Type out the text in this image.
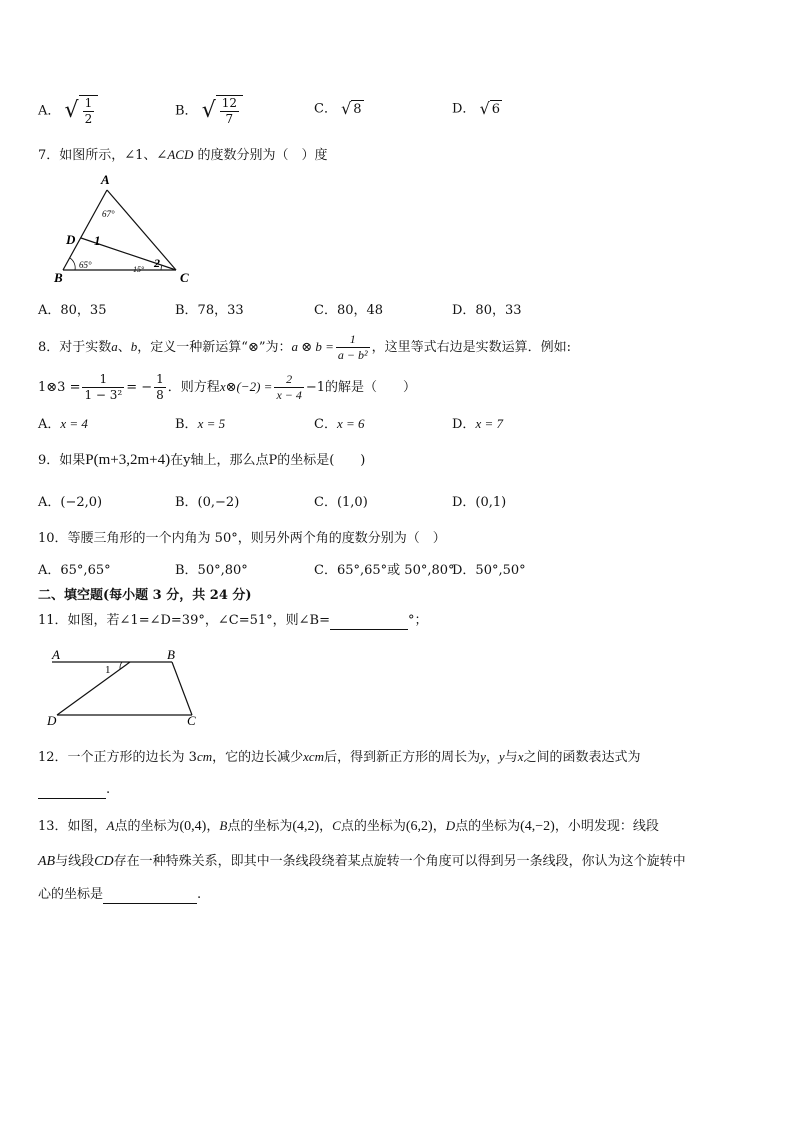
A． √ $\frac{1}{2}$	B． √ $\frac{12}{7}$	C． √ 8	D． √ 6
7．如图所示，∠1、∠ACD 的度数分别为（　）度
A
B	C
D 1
2
67°
65°	15°
A．80，35	B．78，33	C．80，48	D．80，33
8．对于实数a、b，定义一种新运算“⊗”为：a ⊗ $b = \frac{1}{\text{a − b²}}$ ，这里等式右边是实数运算．例如:
1⊗3 = $\frac{1}{\text{1 − 3²}}$ = − $\frac{1}{8}$ ．则方程x⊗(−2) = $\frac{2}{x - 4} -1$的解是（　　）
A．x = 4	B．x = 5	C．x = 6	D．x = 7
9．如果P(m+3,2m+4)在y轴上，那么点P的坐标是(　　)
A．(−2,0)	B．(0,−2)	C．(1,0)	D．(0,1)
10．等腰三角形的一个内角为 50°，则另外两个角的度数分别为（　）
A．65°,65°	B．50°,80°	C．65°,65°或 50°,80°
D．50°,50°
二、填空题(每小题 3 分，共 24 分)
11．如图，若∠1=∠D=39°，∠C=51°，则∠B=	°；
A	B
C
D
1
12．一个正方形的边长为 3cm，它的边长减少xcm后，得到新正方形的周长为y，y与x之间的函数表达式为
.
13．如图，A点的坐标为(0,4)，B点的坐标为(4,2)，C点的坐标为(6,2)，D点的坐标为(4,−2)，小明发现：线段
AB与线段CD存在一种特殊关系，即其中一条线段绕着某点旋转一个角度可以得到另一条线段，你认为这个旋转中
心的坐标是	.
